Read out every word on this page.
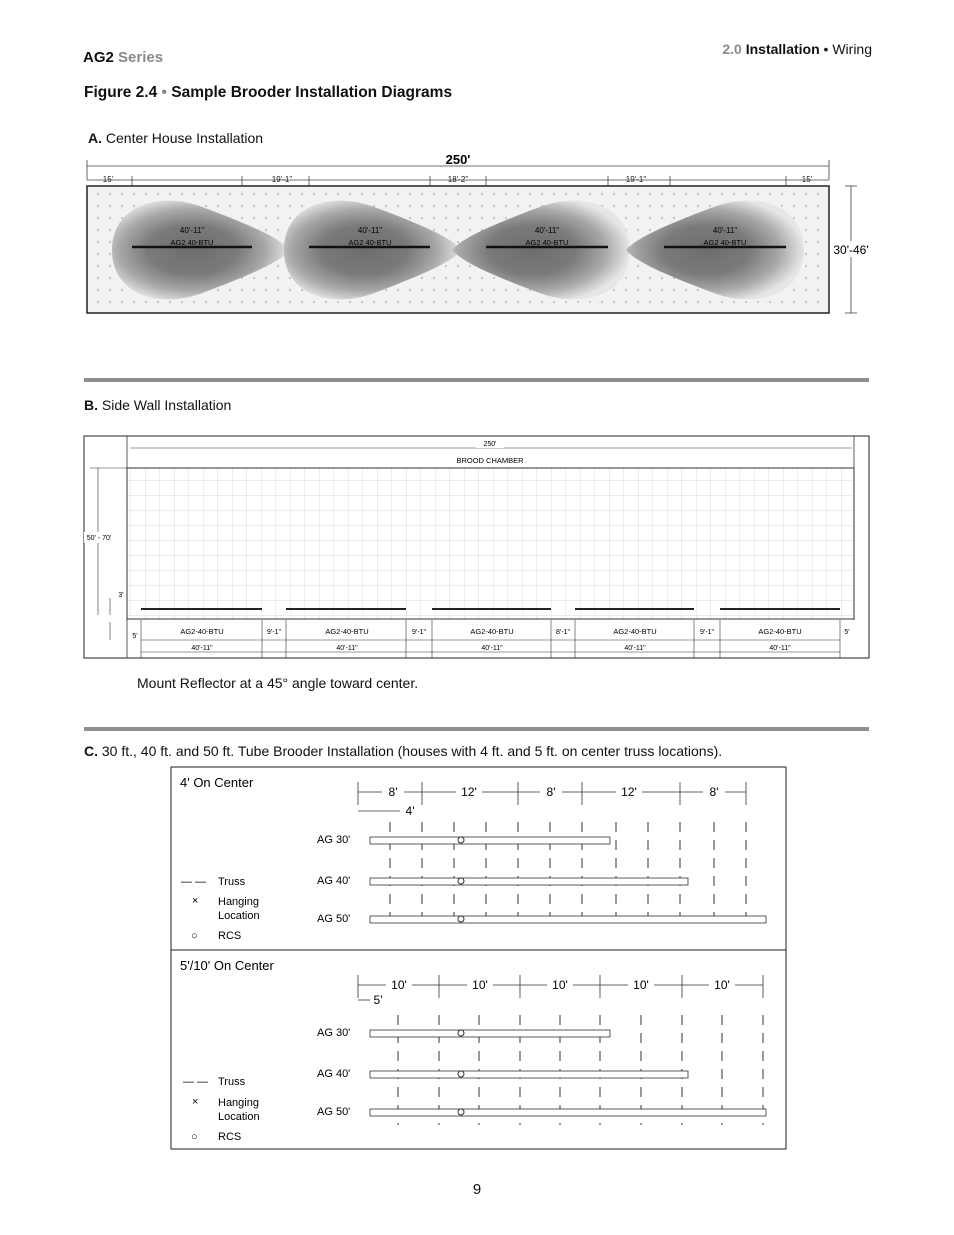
AG2 Series	2.0 Installation • Wiring
Figure 2.4 • Sample Brooder Installation Diagrams
A. Center House Installation
250'
15'	19'-1"	18'-2"	19'-1"	15'
40'-11"
AG2 40-BTU
40'-11"
AG2 40-BTU
40'-11"
AG2 40-BTU
40'-11"
AG2 40-BTU
30'-46'
B. Side Wall Installation
250'
BROOD CHAMBER
50' - 70'
3'
5'
AG2-40-BTU
40'-11"
AG2-40-BTU
40'-11"
AG2-40-BTU
40'-11"
AG2-40-BTU
40'-11"
AG2-40-BTU
40'-11"
9'-1"	9'-1"	8'-1"	9'-1"	5'
Mount Reflector at a 45° angle toward center.
C. 30 ft., 40 ft. and 50 ft. Tube Brooder Installation (houses with 4 ft. and 5 ft. on center truss locations).
4' On Center
8'	12'	8'	12'	8'
4'
AG 30'
AG 40'
AG 50'
— — Truss
× Hanging
Location
○ RCS
5'/10' On Center
10'	10'	10'	10'	10'
5'
AG 30'
AG 40'
AG 50'
— — Truss
× Hanging
Location
○ RCS
9
